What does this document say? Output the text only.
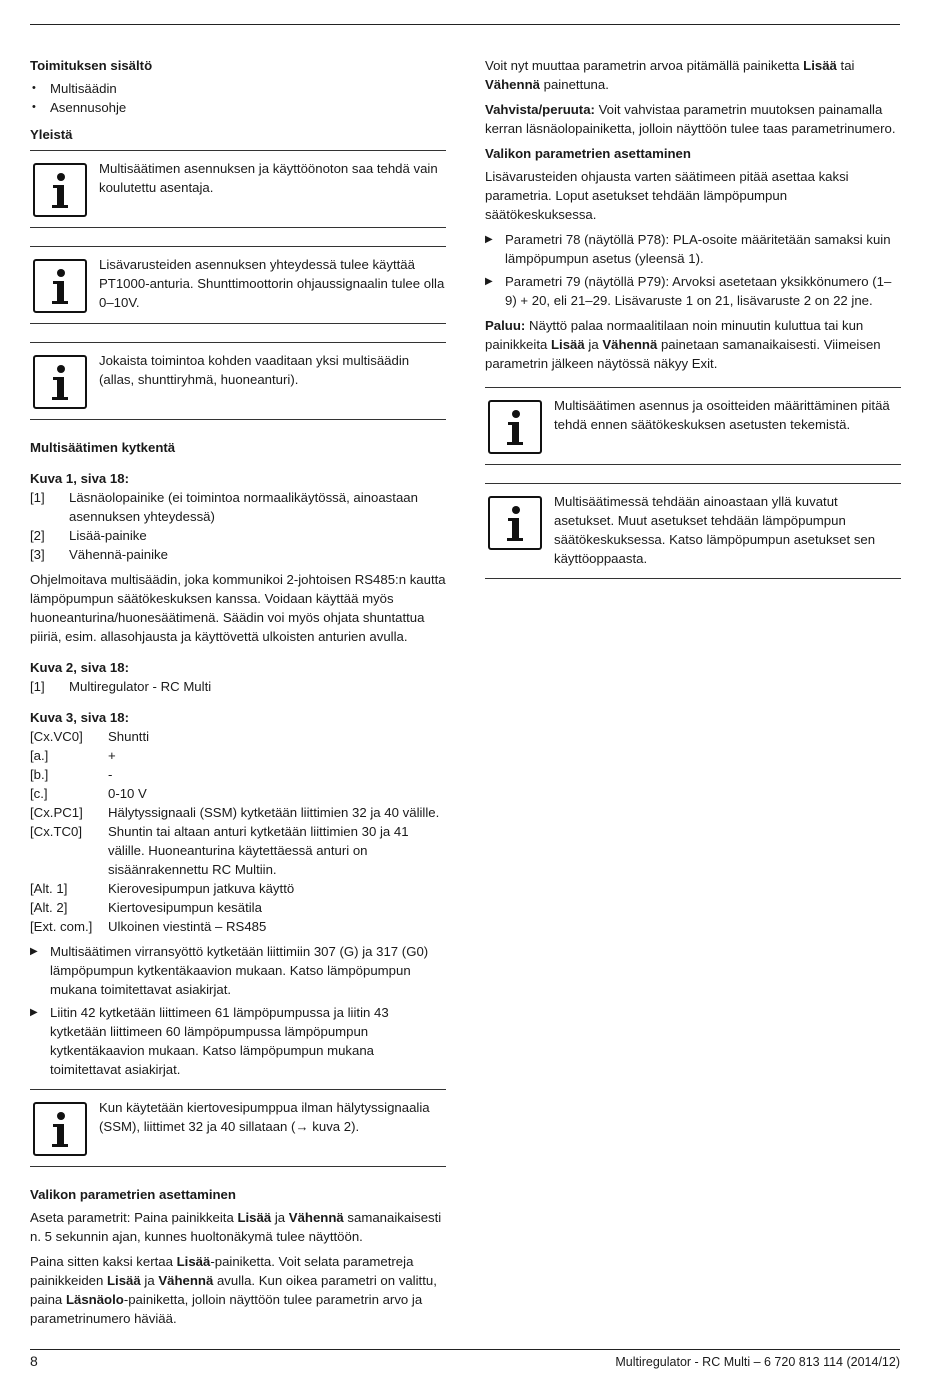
Toimituksen sisältö
• Multisäädin
• Asennusohje
Yleistä
Multisäätimen asennuksen ja käyttöönoton saa tehdä vain koulutettu asentaja.
Lisävarusteiden asennuksen yhteydessä tulee käyttää PT1000-anturia. Shunttimoottorin ohjaussignaalin tulee olla 0–10V.
Jokaista toimintoa kohden vaaditaan yksi multisäädin (allas, shunttiryhmä, huoneanturi).
Multisäätimen kytkentä
Kuva 1, siva 18:
[1]	Läsnäolopainike (ei toimintoa normaalikäytössä, ainoastaan asennuksen yhteydessä)
[2]	Lisää-painike
[3]	Vähennä-painike

Ohjelmoitava multisäädin, joka kommunikoi 2-johtoisen RS485:n kautta lämpöpumpun säätökeskuksen kanssa. Voidaan käyttää myös huoneanturina/huonesäätimenä. Säädin voi myös ohjata shuntattua piiriä, esim. allasohjausta ja käyttövettä ulkoisten anturien avulla.

Kuva 2, siva 18:
[1]	Multiregulator - RC Multi
Kuva 3, siva 18:
[Cx.VC0]	Shuntti
[a.]	+
[b.]	-
[c.]	0-10 V
[Cx.PC1]	Hälytyssignaali (SSM) kytketään liittimien 32 ja 40 välille.
[Cx.TC0]	Shuntin tai altaan anturi kytketään liittimien 30 ja 41 välille. Huoneanturina käytettäessä anturi on sisäänrakennettu RC Multiin.
[Alt. 1]	Kierovesipumpun jatkuva käyttö
[Alt. 2]	Kiertovesipumpun kesätila
[Ext. com.]	Ulkoinen viestintä – RS485
▶ Multisäätimen virransyöttö kytketään liittimiin 307 (G) ja 317 (G0) lämpöpumpun kytkentäkaavion mukaan. Katso lämpöpumpun mukana toimitettavat asiakirjat.
▶ Liitin 42 kytketään liittimeen 61 lämpöpumpussa ja liitin 43 kytketään liittimeen 60 lämpöpumpussa lämpöpumpun kytkentäkaavion mukaan. Katso lämpöpumpun mukana toimitettavat asiakirjat.
Kun käytetään kiertovesipumppua ilman hälytyssignaalia (SSM), liittimet 32 ja 40 sillataan (→ kuva 2).
Valikon parametrien asettaminen

Aseta parametrit: Paina painikkeita Lisää ja Vähennä samanaikaisesti n. 5 sekunnin ajan, kunnes huoltonäkymä tulee näyttöön.

Paina sitten kaksi kertaa Lisää-painiketta. Voit selata parametreja painikkeiden Lisää ja Vähennä avulla. Kun oikea parametri on valittu, paina Läsnäolo-painiketta, jolloin näyttöön tulee parametrin arvo ja parametrinumero häviää.

Voit nyt muuttaa parametrin arvoa pitämällä painiketta Lisää tai Vähennä painettuna.

Vahvista/peruuta: Voit vahvistaa parametrin muutoksen painamalla kerran läsnäolopainiketta, jolloin näyttöön tulee taas parametrinumero.

Valikon parametrien asettaminen

Lisävarusteiden ohjausta varten säätimeen pitää asettaa kaksi parametria. Loput asetukset tehdään lämpöpumpun säätökeskuksessa.

▶ Parametri 78 (näytöllä P78): PLA-osoite määritetään samaksi kuin lämpöpumpun asetus (yleensä 1).
▶ Parametri 79 (näytöllä P79): Arvoksi asetetaan yksikkönumero (1–9) + 20, eli 21–29. Lisävaruste 1 on 21, lisävaruste 2 on 22 jne.

Paluu: Näyttö palaa normaalitilaan noin minuutin kuluttua tai kun painikkeita Lisää ja Vähennä painetaan samanaikaisesti. Viimeisen parametrin jälkeen näytössä näkyy Exit.

Multisäätimen asennus ja osoitteiden määrittäminen pitää tehdä ennen säätökeskuksen asetusten tekemistä.
Multisäätimessä tehdään ainoastaan yllä kuvatut asetukset. Muut asetukset tehdään lämpöpumpun säätökeskuksessa. Katso lämpöpumpun asetukset sen käyttöoppaasta.
8	Multiregulator - RC Multi – 6 720 813 114 (2014/12)
